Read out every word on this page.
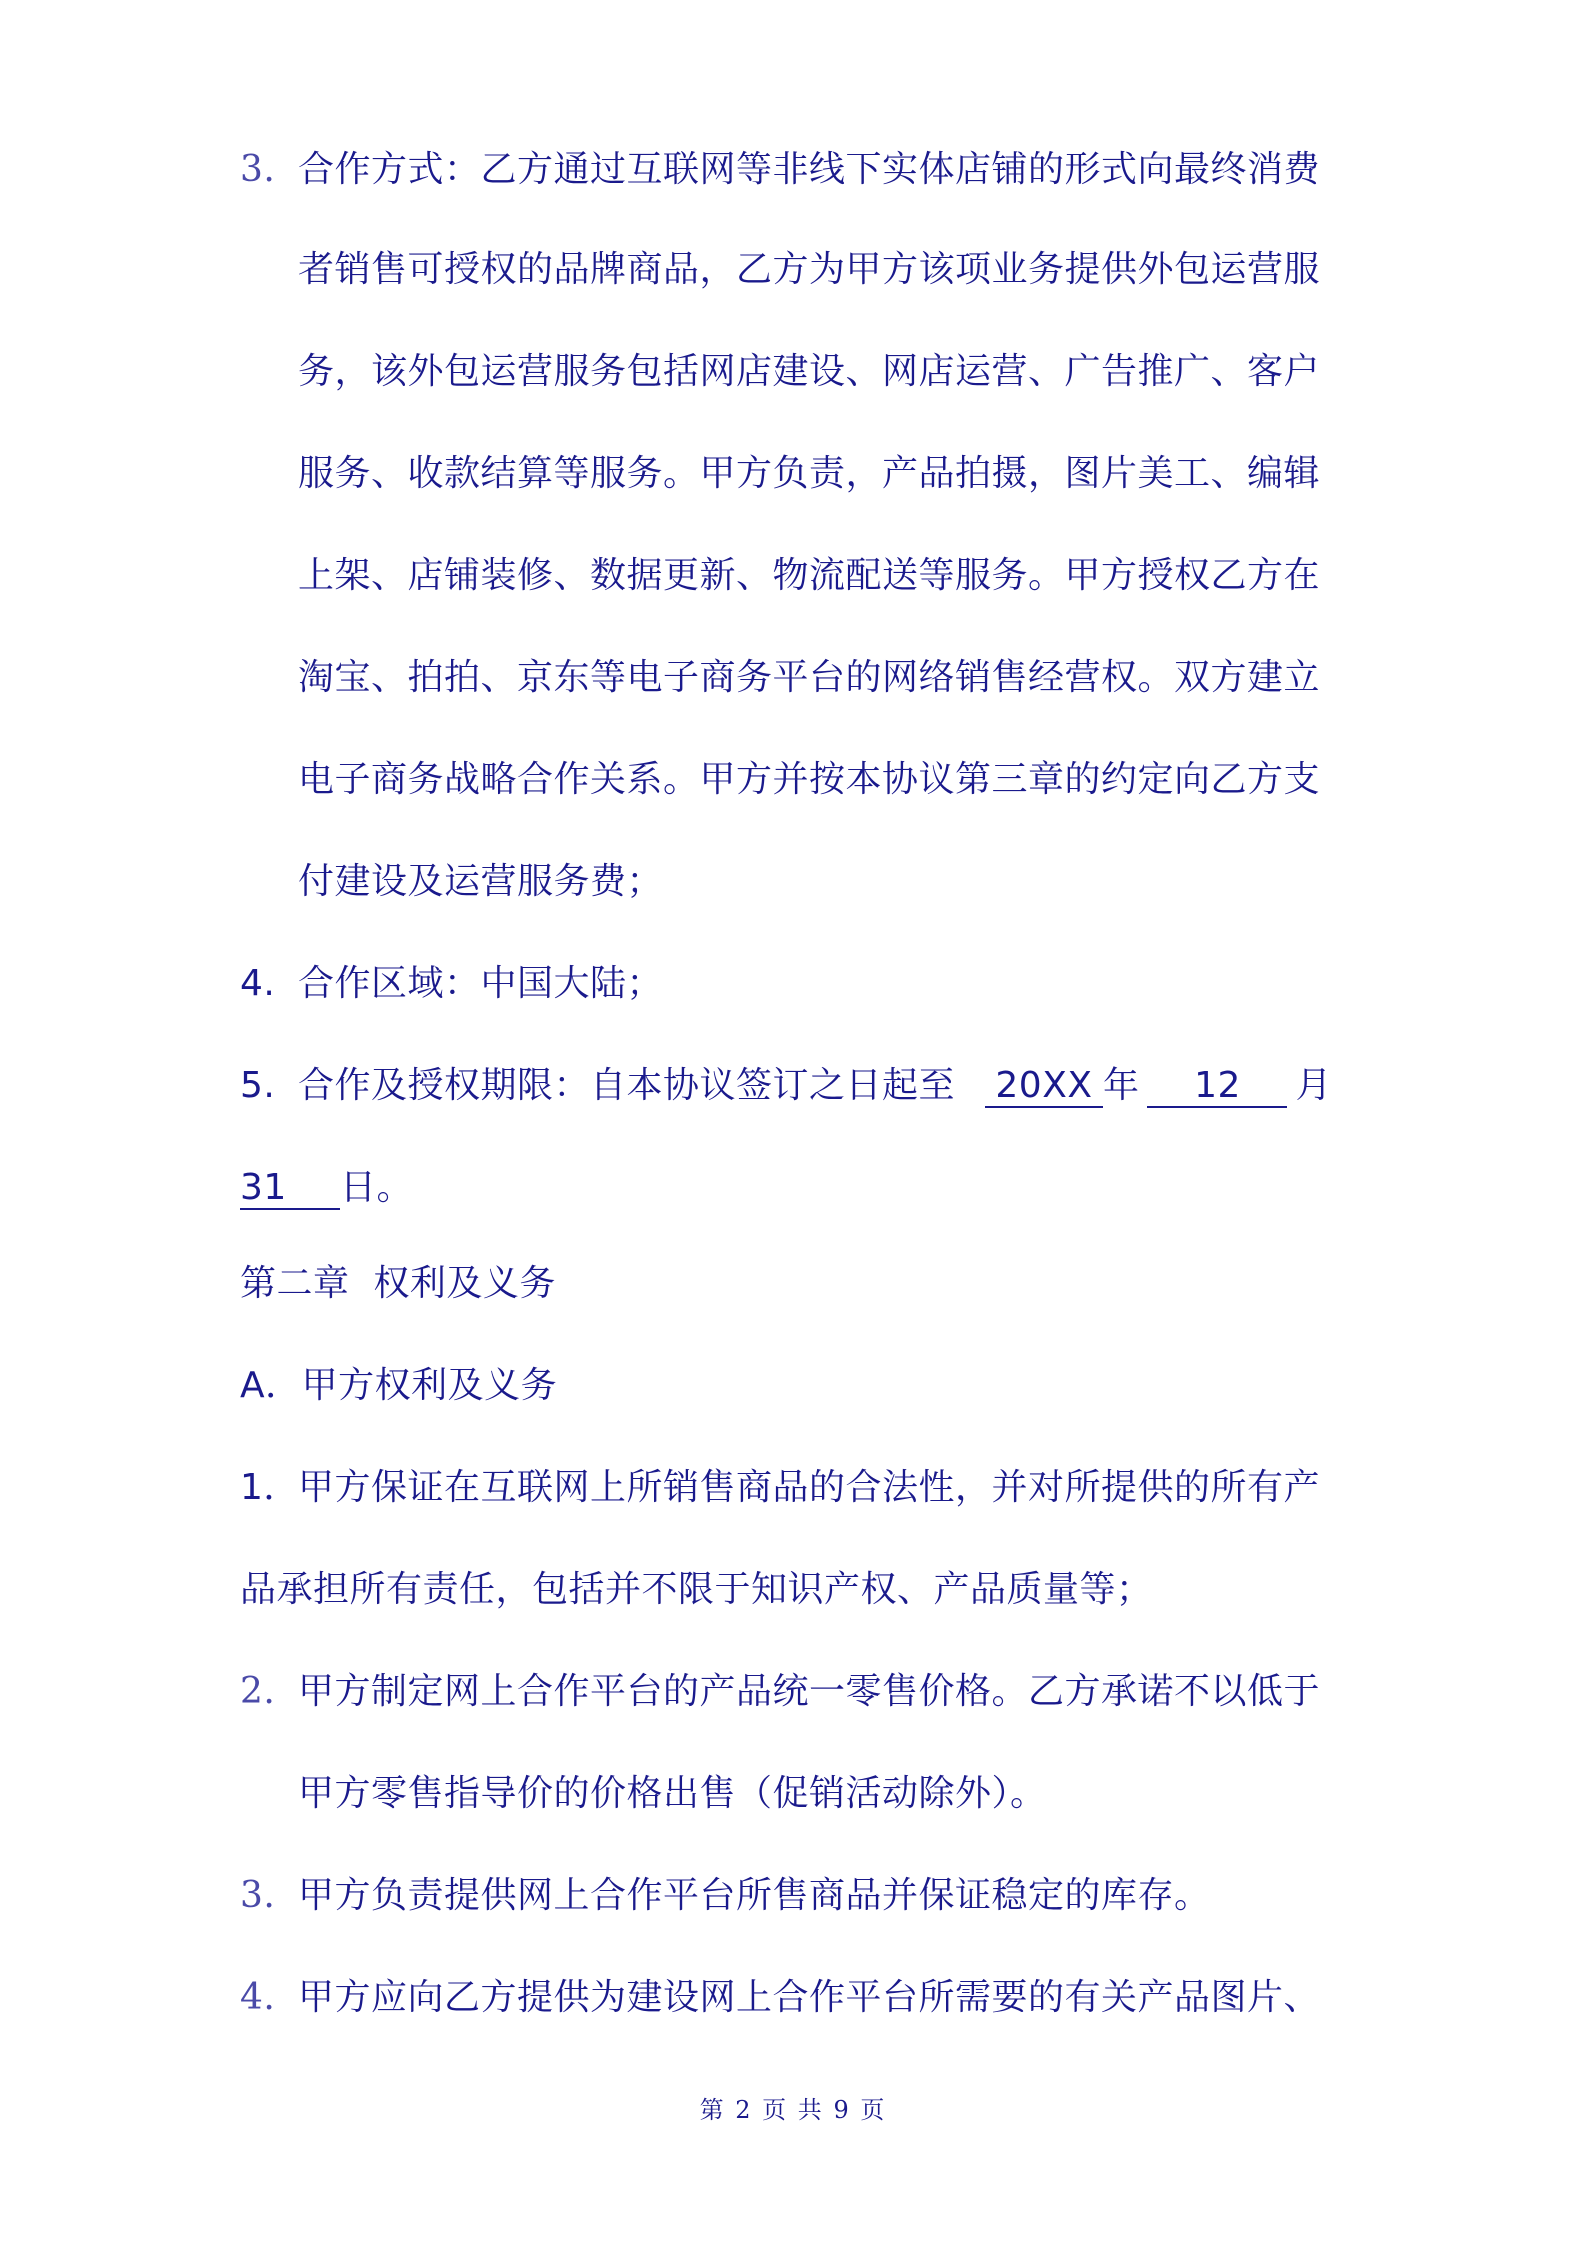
3. 合作方式：乙方通过互联网等非线下实体店铺的形式向最终消费
者销售可授权的品牌商品，乙方为甲方该项业务提供外包运营服
务，该外包运营服务包括网店建设、网店运营、广告推广、客户
服务、收款结算等服务。甲方负责，产品拍摄，图片美工、编辑
上架、店铺装修、数据更新、物流配送等服务。甲方授权乙方在
淘宝、拍拍、京东等电子商务平台的网络销售经营权。双方建立
电子商务战略合作关系。甲方并按本协议第三章的约定向乙方支
付建设及运营服务费；
4. 合作区域：中国大陆；
5. 合作及授权期限：自本协议签订之日起至 20XX 年 12 月
31 日。
第二章  权利及义务
A．甲方权利及义务
1．甲方保证在互联网上所销售商品的合法性，并对所提供的所有产
品承担所有责任，包括并不限于知识产权、产品质量等；
2. 甲方制定网上合作平台的产品统一零售价格。乙方承诺不以低于
甲方零售指导价的价格出售（促销活动除外）。
3. 甲方负责提供网上合作平台所售商品并保证稳定的库存。
4. 甲方应向乙方提供为建设网上合作平台所需要的有关产品图片、
第 2 页 共 9 页
